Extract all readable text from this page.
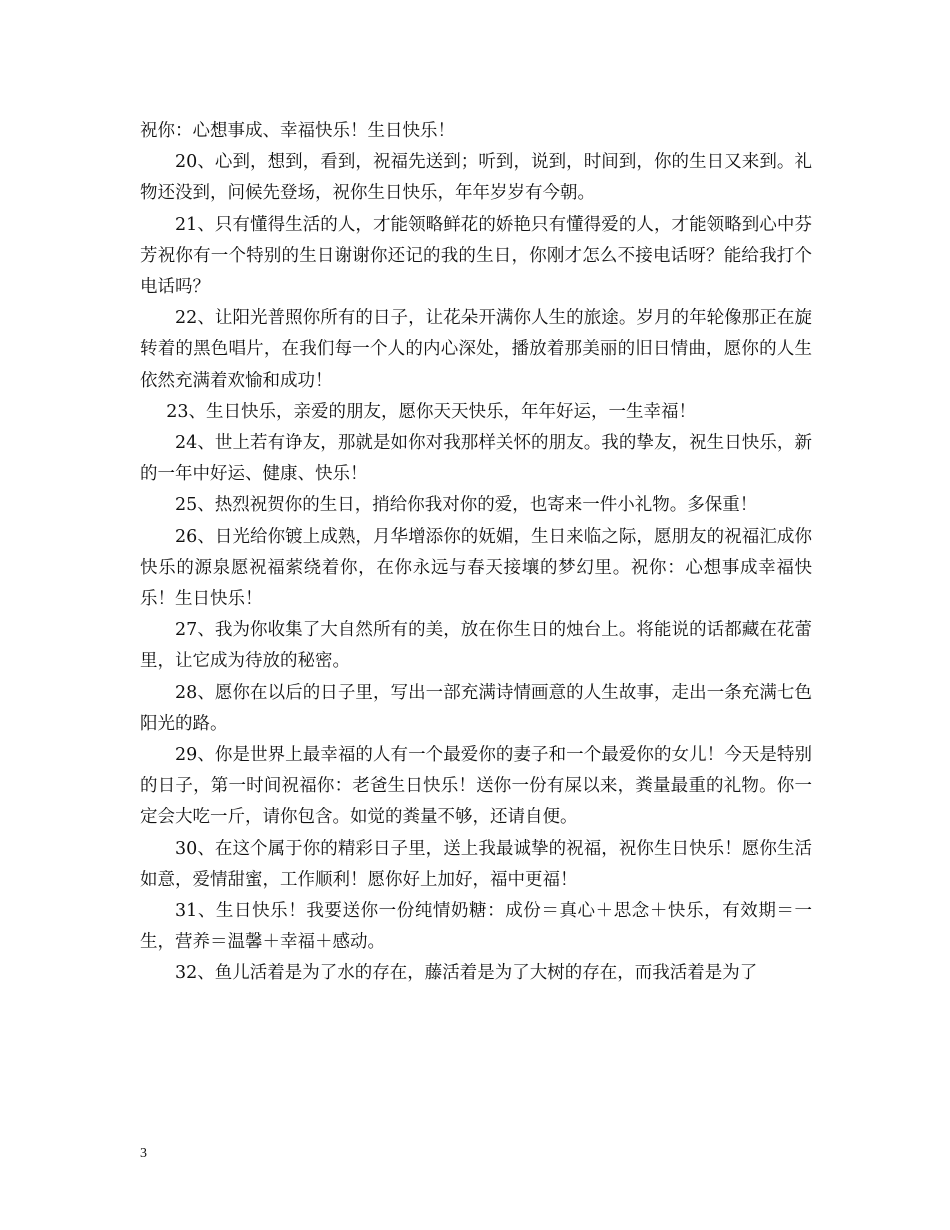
祝你：心想事成、幸福快乐！生日快乐！

20、心到，想到，看到，祝福先送到；听到，说到，时间到，你的生日又来到。礼物还没到，问候先登场，祝你生日快乐，年年岁岁有今朝。

21、只有懂得生活的人，才能领略鲜花的娇艳只有懂得爱的人，才能领略到心中芬芳祝你有一个特别的生日谢谢你还记的我的生日，你刚才怎么不接电话呀？能给我打个电话吗？

22、让阳光普照你所有的日子，让花朵开满你人生的旅途。岁月的年轮像那正在旋转着的黑色唱片，在我们每一个人的内心深处，播放着那美丽的旧日情曲，愿你的人生依然充满着欢愉和成功！

23、生日快乐，亲爱的朋友，愿你天天快乐，年年好运，一生幸福！

24、世上若有诤友，那就是如你对我那样关怀的朋友。我的挚友，祝生日快乐，新的一年中好运、健康、快乐！

25、热烈祝贺你的生日，捎给你我对你的爱，也寄来一件小礼物。多保重！

26、日光给你镀上成熟，月华增添你的妩媚，生日来临之际，愿朋友的祝福汇成你快乐的源泉愿祝福萦绕着你，在你永远与春天接壤的梦幻里。祝你：心想事成幸福快乐！生日快乐！

27、我为你收集了大自然所有的美，放在你生日的烛台上。将能说的话都藏在花蕾里，让它成为待放的秘密。

28、愿你在以后的日子里，写出一部充满诗情画意的人生故事，走出一条充满七色阳光的路。

29、你是世界上最幸福的人有一个最爱你的妻子和一个最爱你的女儿！今天是特别的日子，第一时间祝福你：老爸生日快乐！送你一份有屎以来，粪量最重的礼物。你一定会大吃一斤，请你包含。如觉的粪量不够，还请自便。

30、在这个属于你的精彩日子里，送上我最诚挚的祝福，祝你生日快乐！愿你生活如意，爱情甜蜜，工作顺利！愿你好上加好，福中更福！

31、生日快乐！我要送你一份纯情奶糖：成份＝真心＋思念＋快乐，有效期＝一生，营养＝温馨＋幸福＋感动。

32、鱼儿活着是为了水的存在，藤活着是为了大树的存在，而我活着是为了

3
